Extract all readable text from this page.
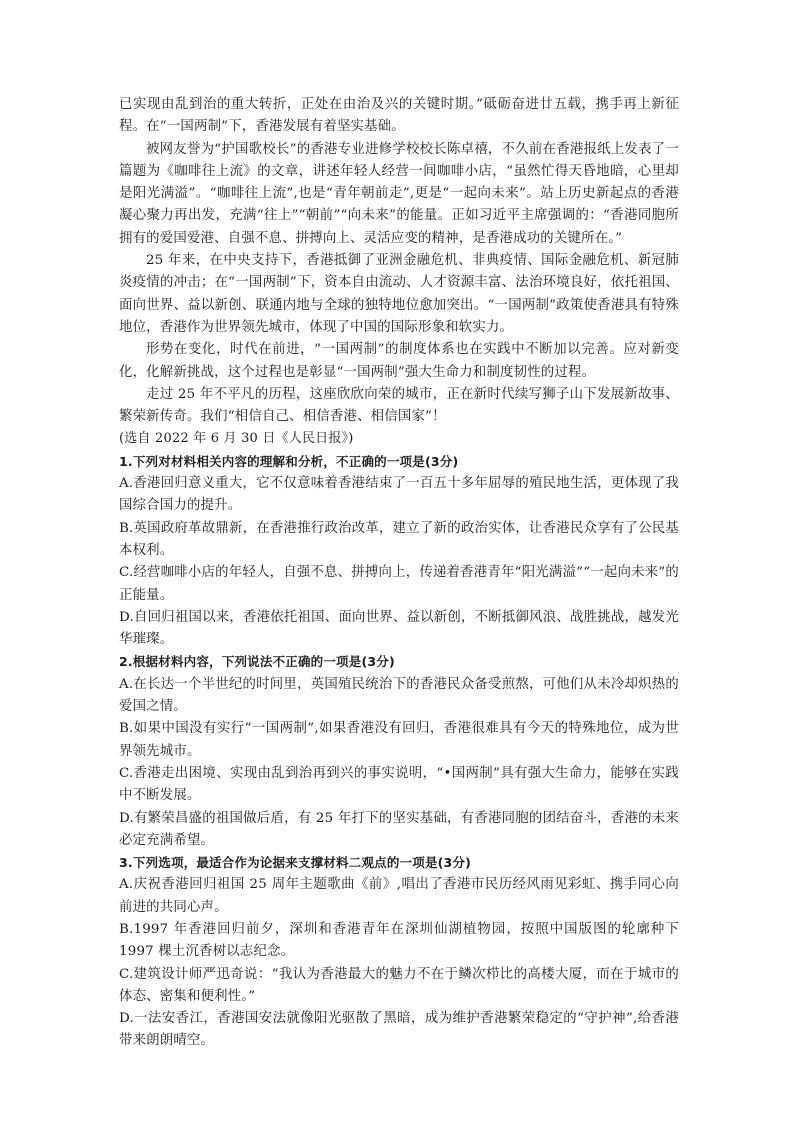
已实现由乱到治的重大转折，正处在由治及兴的关键时期。”砥砺奋进廿五载，携手再上新征程。在“一国两制”下，香港发展有着坚实基础。

被网友誉为“护国歌校长”的香港专业进修学校校长陈卓禧，不久前在香港报纸上发表了一篇题为《咖啡往上流》的文章，讲述年轻人经营一间咖啡小店，“虽然忙得天昏地暗，心里却是阳光满溢”。“咖啡往上流”,也是“青年朝前走”,更是“一起向未来”。站上历史新起点的香港凝心聚力再出发，充满“往上”“朝前”“向未来”的能量。正如习近平主席强调的：“香港同胞所拥有的爱国爱港、自强不息、拼搏向上、灵活应变的精神，是香港成功的关键所在。”

25 年来，在中央支持下，香港抵御了亚洲金融危机、非典疫情、国际金融危机、新冠肺炎疫情的冲击；在“一国两制”下，资本自由流动、人才资源丰富、法治环境良好，依托祖国、面向世界、益以新创、联通内地与全球的独特地位愈加突出。“一国两制”政策使香港具有特殊地位，香港作为世界领先城市，体现了中国的国际形象和软实力。

形势在变化，时代在前进，“一国两制”的制度体系也在实践中不断加以完善。应对新变化，化解新挑战，这个过程也是彰显“一国两制”强大生命力和制度韧性的过程。

走过 25 年不平凡的历程，这座欣欣向荣的城市，正在新时代续写狮子山下发展新故事、繁荣新传奇。我们“相信自己、相信香港、相信国家”！

(选自 2022 年 6 月 30 日《人民日报》)

1.下列对材料相关内容的理解和分析，不正确的一项是(3分)

A.香港回归意义重大，它不仅意味着香港结束了一百五十多年屈辱的殖民地生活，更体现了我国综合国力的提升。

B.英国政府革故鼎新，在香港推行政治改革，建立了新的政治实体，让香港民众享有了公民基本权利。

C.经营咖啡小店的年轻人，自强不息、拼搏向上，传递着香港青年“阳光满溢”“一起向未来”的正能量。

D.自回归祖国以来，香港依托祖国、面向世界、益以新创，不断抵御风浪、战胜挑战，越发光华璀璨。

2.根据材料内容，下列说法不正确的一项是(3分)

A.在长达一个半世纪的时间里，英国殖民统治下的香港民众备受煎熬，可他们从未冷却炽热的爱国之情。

B.如果中国没有实行“一国两制”,如果香港没有回归，香港很难具有今天的特殊地位，成为世界领先城市。

C.香港走出困境、实现由乱到治再到兴的事实说明，“•国两制”具有强大生命力，能够在实践中不断发展。

D.有繁荣昌盛的祖国做后盾，有 25 年打下的坚实基础，有香港同胞的团结奋斗，香港的未来必定充满希望。

3.下列选项，最适合作为论据来支撑材料二观点的一项是(3分)

A.庆祝香港回归祖国 25 周年主题歌曲《前》,唱出了香港市民历经风雨见彩虹、携手同心向前进的共同心声。

B.1997 年香港回归前夕，深圳和香港青年在深圳仙湖植物园，按照中国版图的轮廓种下 1997 棵土沉香树以志纪念。

C.建筑设计师严迅奇说：“我认为香港最大的魅力不在于鳞次栉比的高楼大厦，而在于城市的体态、密集和便利性。”

D.一法安香江，香港国安法就像阳光驱散了黑暗，成为维护香港繁荣稳定的“守护神”,给香港带来朗朗晴空。
